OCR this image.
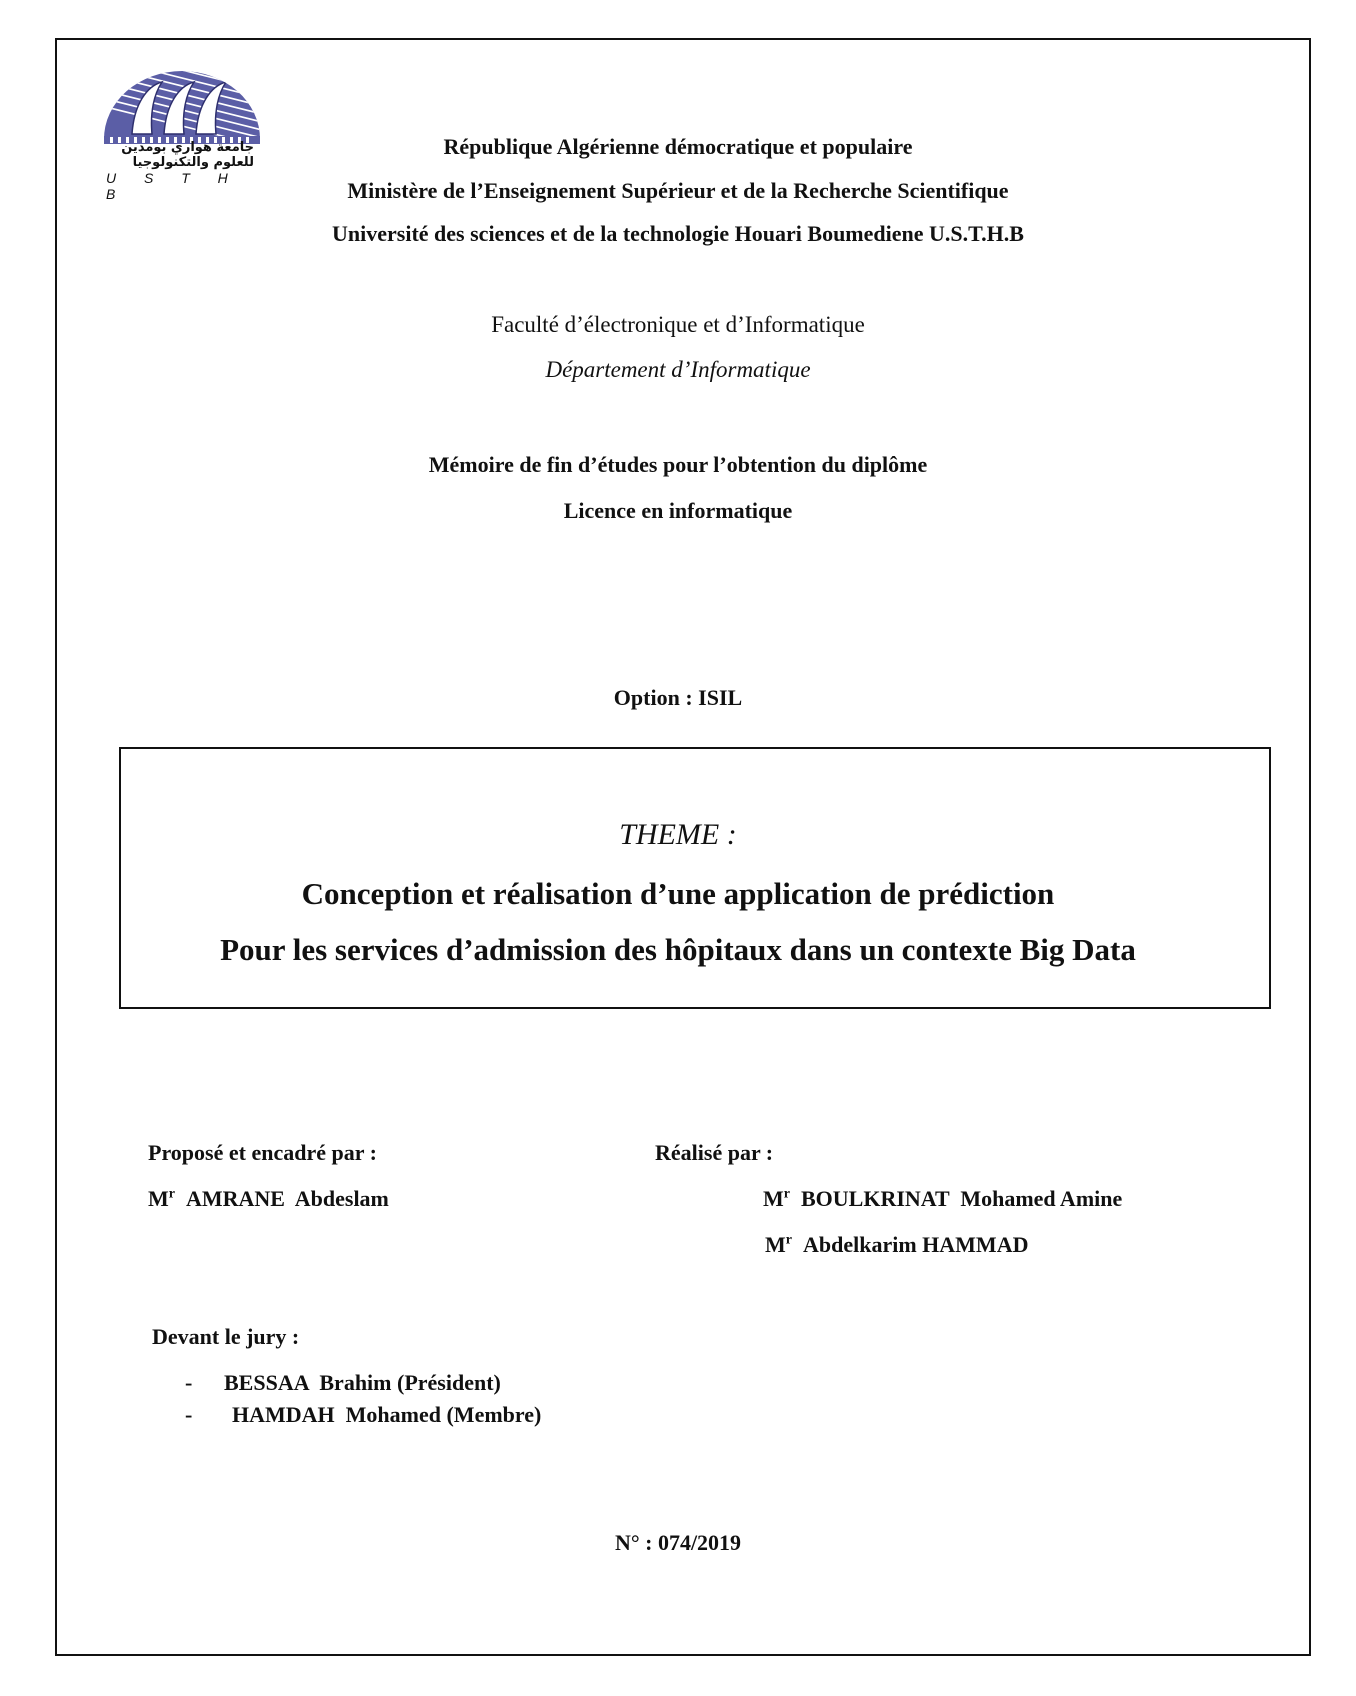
جامعة هواري بومدين
للعلوم والتكنولوجيا
U S T H B
République Algérienne démocratique et populaire
Ministère de l’Enseignement Supérieur et de la Recherche Scientifique
Université des sciences et de la technologie Houari Boumediene U.S.T.H.B
Faculté d’électronique et d’Informatique
Département d’Informatique
Mémoire de fin d’études pour l’obtention du diplôme
Licence en informatique
Option : ISIL
THEME :
Conception et réalisation d’une application de prédiction
Pour les services d’admission des hôpitaux dans un contexte Big Data
Proposé et encadré par :
$M^r$ AMRANE  Abdeslam
Réalisé par :
$M^r$ BOULKRINAT  Mohamed Amine
$M^r$ Abdelkarim HAMMAD
Devant le jury :
- BESSAA  Brahim (Président)
- HAMDAH  Mohamed (Membre)
N° : 074/2019
